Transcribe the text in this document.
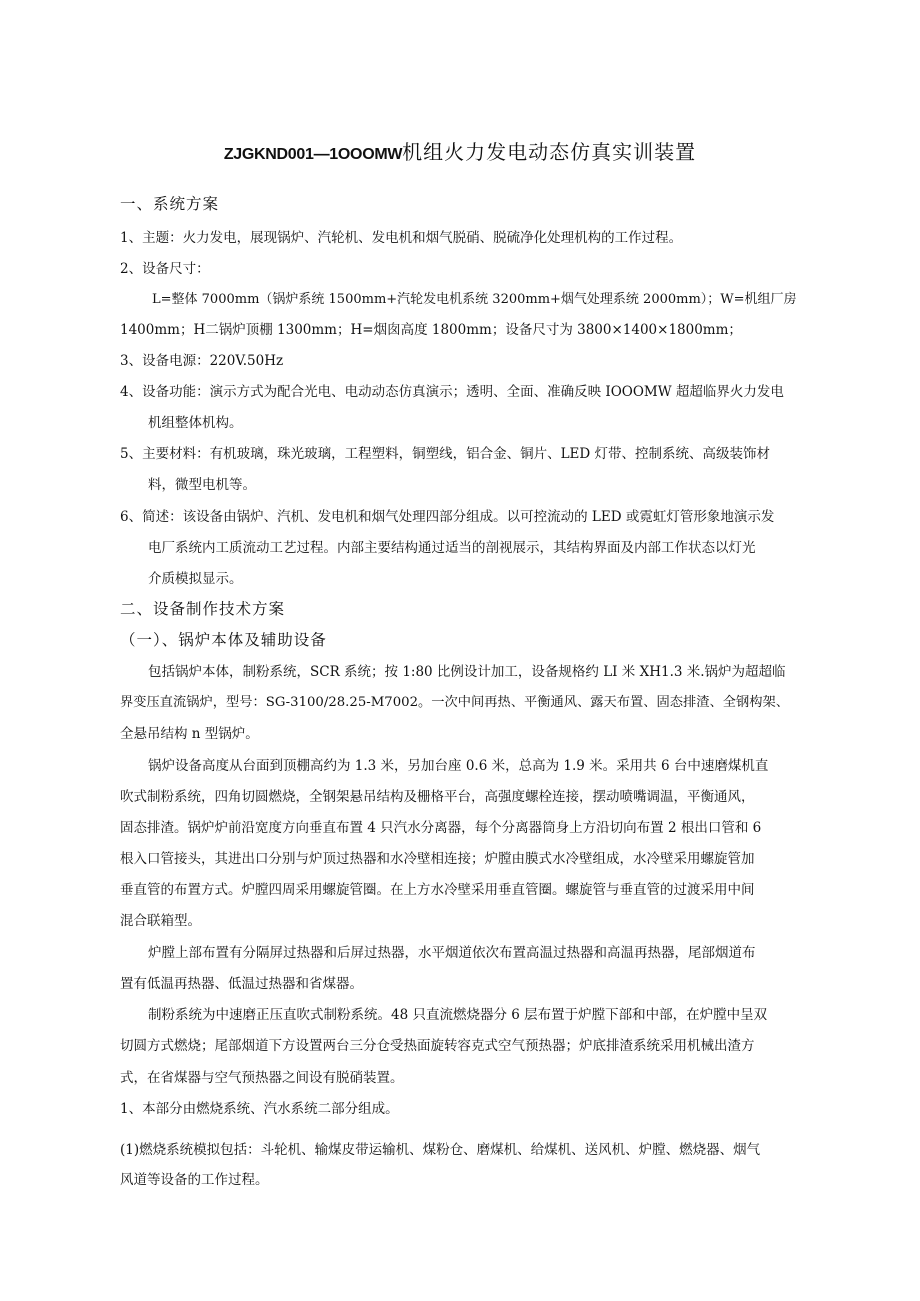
ZJGKND001—1OOOMW机组火力发电动态仿真实训装置
一、系统方案
1、主题：火力发电，展现锅炉、汽轮机、发电机和烟气脱硝、脱硫净化处理机构的工作过程。
2、设备尺寸：
L=整体 7000mm（锅炉系统 1500mm+汽轮发电机系统 3200mm+烟气处理系统 2000mm）；W=机组厂房
1400mm；H二锅炉顶棚 1300mm；H=烟囱高度 1800mm；设备尺寸为 3800×1400×1800mm；
3、设备电源：220V.50Hz
4、设备功能：演示方式为配合光电、电动动态仿真演示；透明、全面、准确反映 IOOOMW 超超临界火力发电
机组整体机构。
5、主要材料：有机玻璃，珠光玻璃，工程塑料，铜塑线，铝合金、铜片、LED 灯带、控制系统、高级装饰材
料，微型电机等。
6、简述：该设备由锅炉、汽机、发电机和烟气处理四部分组成。以可控流动的 LED 或霓虹灯管形象地演示发
电厂系统内工质流动工艺过程。内部主要结构通过适当的剖视展示，其结构界面及内部工作状态以灯光
介质模拟显示。
二、设备制作技术方案
（一）、锅炉本体及辅助设备
包括锅炉本体，制粉系统，SCR 系统；按 1:80 比例设计加工，设备规格约 LI 米 XH1.3 米.锅炉为超超临
界变压直流锅炉，型号：SG-3100/28.25-M7002。一次中间再热、平衡通风、露天布置、固态排渣、全钢构架、
全悬吊结构 n 型锅炉。
锅炉设备高度从台面到顶棚高约为 1.3 米，另加台座 0.6 米，总高为 1.9 米。采用共 6 台中速磨煤机直
吹式制粉系统，四角切圆燃烧，全钢架悬吊结构及栅格平台，高强度螺栓连接，摆动喷嘴调温，平衡通风，
固态排渣。锅炉炉前沿宽度方向垂直布置 4 只汽水分离器，每个分离器筒身上方沿切向布置 2 根出口管和 6
根入口管接头，其进出口分别与炉顶过热器和水冷壁相连接；炉膛由膜式水冷壁组成，水冷壁采用螺旋管加
垂直管的布置方式。炉膛四周采用螺旋管圈。在上方水冷壁采用垂直管圈。螺旋管与垂直管的过渡采用中间
混合联箱型。
炉膛上部布置有分隔屏过热器和后屏过热器，水平烟道依次布置高温过热器和高温再热器，尾部烟道布
置有低温再热器、低温过热器和省煤器。
制粉系统为中速磨正压直吹式制粉系统。48 只直流燃烧器分 6 层布置于炉膛下部和中部，在炉膛中呈双
切圆方式燃烧；尾部烟道下方设置两台三分仓受热面旋转容克式空气预热器；炉底排渣系统采用机械出渣方
式，在省煤器与空气预热器之间设有脱硝装置。
1、本部分由燃烧系统、汽水系统二部分组成。
(1)燃烧系统模拟包括：斗轮机、输煤皮带运输机、煤粉仓、磨煤机、给煤机、送风机、炉膛、燃烧器、烟气
风道等设备的工作过程。
